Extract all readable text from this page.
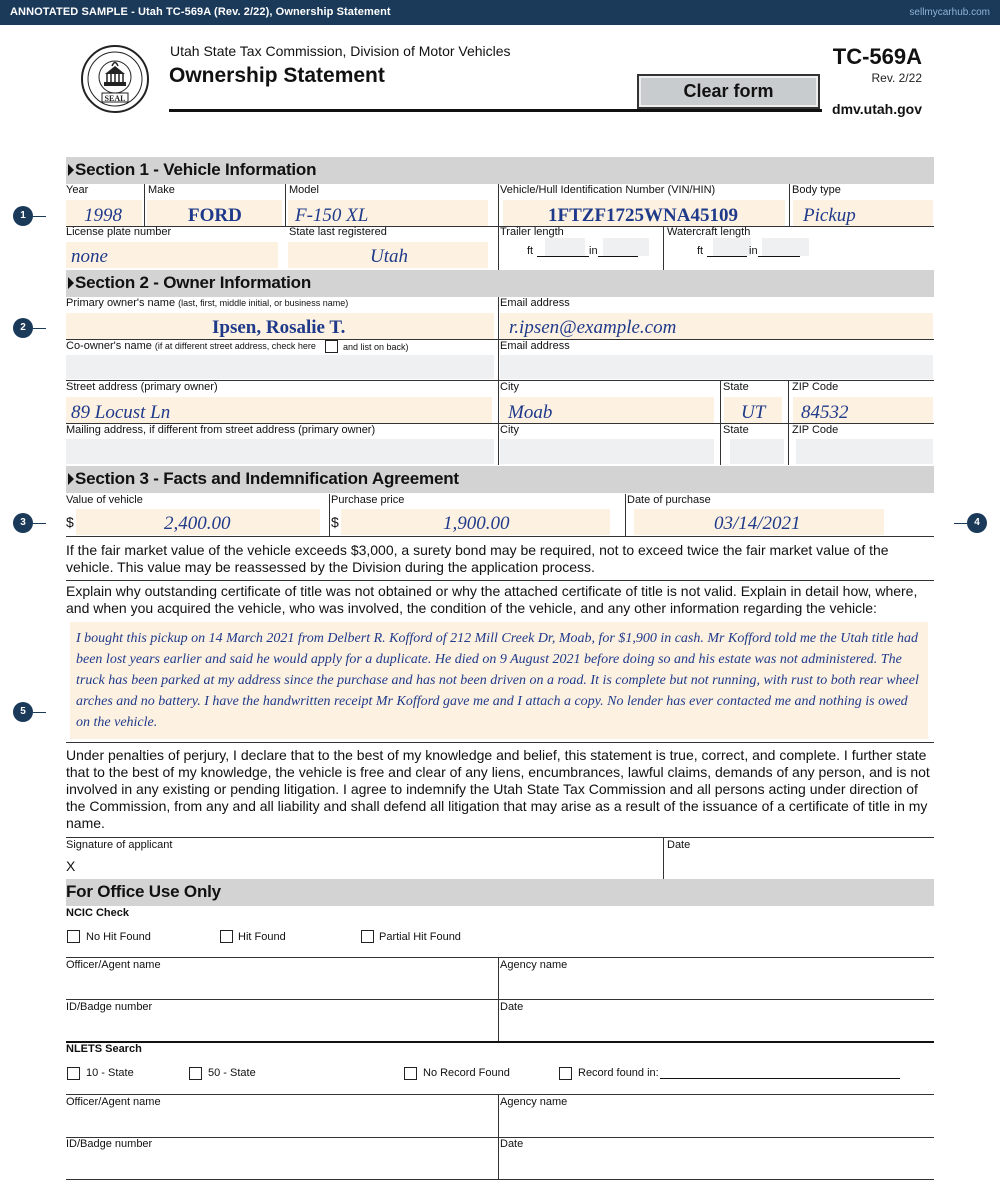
ANNOTATED SAMPLE - Utah TC-569A (Rev. 2/22), Ownership Statement	sellmycarhub.com
SEAL
Utah State Tax Commission, Division of Motor Vehicles
Ownership Statement
Clear form
TC-569A
Rev. 2/22
dmv.utah.gov
Section 1 - Vehicle Information
1
Year
1998
Make
FORD
Model
F-150 XL
Vehicle/Hull Identification Number (VIN/HIN)
1FTZF1725WNA45109
Body type
Pickup
License plate number
none
State last registered
Utah
Trailer length
ft	in
Watercraft length
ft	in
Section 2 - Owner Information
2
Primary owner's name (last, first, middle initial, or business name)
Ipsen, Rosalie T.
Email address
r.ipsen@example.com
Co-owner's name (if at different street address, check here	and list on back)	Email address
Street address (primary owner)
89 Locust Ln
City
Moab
State
UT
ZIP Code
84532
Mailing address, if different from street address (primary owner)	City	State	ZIP Code
Section 3 - Facts and Indemnification Agreement
3	4
Value of vehicle
$	2,400.00
Purchase price
$	1,900.00
Date of purchase
03/14/2021
If the fair market value of the vehicle exceeds $3,000, a surety bond may be required, not to exceed twice the fair market value of the vehicle. This value may be reassessed by the Division during the application process.
Explain why outstanding certificate of title was not obtained or why the attached certificate of title is not valid. Explain in detail how, where, and when you acquired the vehicle, who was involved, the condition of the vehicle, and any other information regarding the vehicle:
5
I bought this pickup on 14 March 2021 from Delbert R. Kofford of 212 Mill Creek Dr, Moab, for $1,900 in cash. Mr Kofford told me the Utah title had been lost years earlier and said he would apply for a duplicate. He died on 9 August 2021 before doing so and his estate was not administered. The truck has been parked at my address since the purchase and has not been driven on a road. It is complete but not running, with rust to both rear wheel arches and no battery. I have the handwritten receipt Mr Kofford gave me and I attach a copy. No lender has ever contacted me and nothing is owed on the vehicle.
Under penalties of perjury, I declare that to the best of my knowledge and belief, this statement is true, correct, and complete. I further state that to the best of my knowledge, the vehicle is free and clear of any liens, encumbrances, lawful claims, demands of any person, and is not involved in any existing or pending litigation. I agree to indemnify the Utah State Tax Commission and all persons acting under direction of the Commission, from any and all liability and shall defend all litigation that may arise as a result of the issuance of a certificate of title in my name.
Signature of applicant
X
Date
For Office Use Only
NCIC Check
No Hit Found	Hit Found	Partial Hit Found
Officer/Agent name	Agency name
ID/Badge number	Date
NLETS Search
10 - State	50 - State	No Record Found	Record found in:
Officer/Agent name	Agency name
ID/Badge number	Date
